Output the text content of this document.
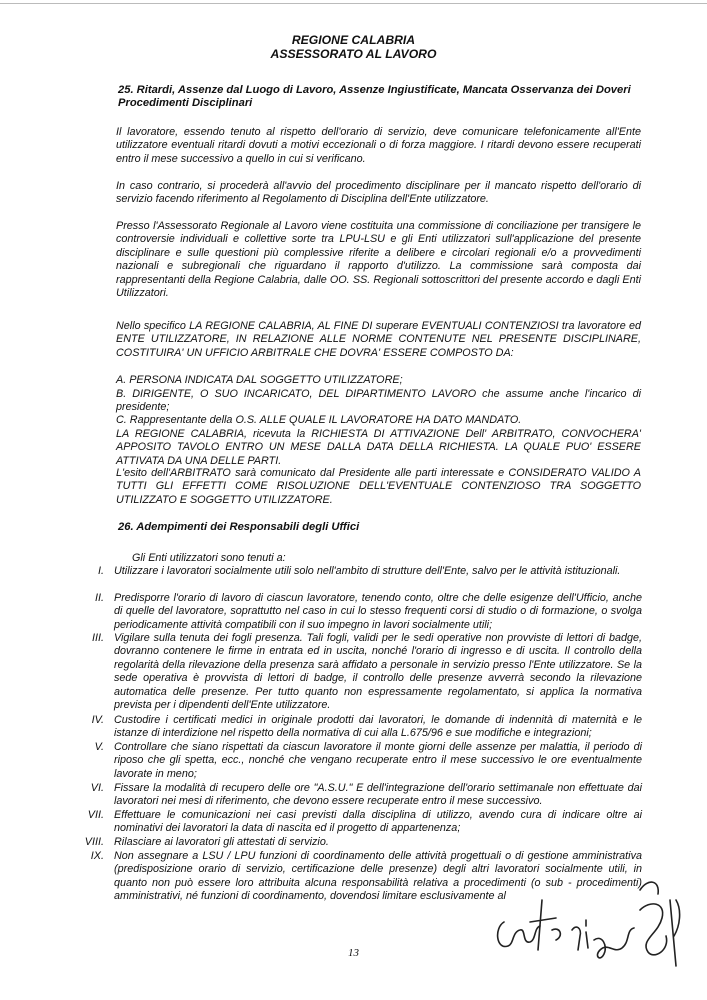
REGIONE CALABRIA
ASSESSORATO AL LAVORO
25. Ritardi, Assenze dal Luogo di Lavoro, Assenze Ingiustificate, Mancata Osservanza dei Doveri Procedimenti Disciplinari

Il lavoratore, essendo tenuto al rispetto dell'orario di servizio, deve comunicare telefonicamente all'Ente utilizzatore eventuali ritardi dovuti a motivi eccezionali o di forza maggiore. I ritardi devono essere recuperati entro il mese successivo a quello in cui si verificano.

In caso contrario, si procederà all'avvio del procedimento disciplinare per il mancato rispetto dell'orario di servizio facendo riferimento al Regolamento di Disciplina dell'Ente utilizzatore.

Presso l'Assessorato Regionale al Lavoro viene costituita una commissione di conciliazione per transigere le controversie individuali e collettive sorte tra LPU-LSU e gli Enti utilizzatori sull'applicazione del presente disciplinare e sulle questioni più complessive riferite a delibere e circolari regionali e/o a provvedimenti nazionali e subregionali che riguardano il rapporto d'utilizzo. La commissione sarà composta dai rappresentanti della Regione Calabria, dalle OO. SS. Regionali sottoscrittori del presente accordo e dagli Enti Utilizzatori.

Nello specifico LA REGIONE CALABRIA, AL FINE DI superare EVENTUALI CONTENZIOSI tra lavoratore ed ENTE UTILIZZATORE, IN RELAZIONE ALLE NORME CONTENUTE NEL PRESENTE DISCIPLINARE, COSTITUIRA' UN UFFICIO ARBITRALE CHE DOVRA' ESSERE COMPOSTO DA:

A. PERSONA INDICATA DAL SOGGETTO UTILIZZATORE;

B. DIRIGENTE, O SUO INCARICATO, DEL DIPARTIMENTO LAVORO che assume anche l'incarico di presidente;

C. Rappresentante della O.S. ALLE QUALE IL LAVORATORE HA DATO MANDATO.

LA REGIONE CALABRIA, ricevuta la RICHIESTA DI ATTIVAZIONE Dell' ARBITRATO, CONVOCHERA' APPOSITO TAVOLO ENTRO UN MESE DALLA DATA DELLA RICHIESTA. LA QUALE PUO' ESSERE ATTIVATA DA UNA DELLE PARTI.

L'esito dell'ARBITRATO sarà comunicato dal Presidente alle parti interessate e CONSIDERATO VALIDO A TUTTI GLI EFFETTI COME RISOLUZIONE DELL'EVENTUALE CONTENZIOSO TRA SOGGETTO UTILIZZATO E SOGGETTO UTILIZZATORE.

26. Adempimenti dei Responsabili degli Uffici
Gli Enti utilizzatori sono tenuti a:
I. Utilizzare i lavoratori socialmente utili solo nell'ambito di strutture dell'Ente, salvo per le attività istituzionali.
II. Predisporre l'orario di lavoro di ciascun lavoratore, tenendo conto, oltre che delle esigenze dell'Ufficio, anche di quelle del lavoratore, soprattutto nel caso in cui lo stesso frequenti corsi di studio o di formazione, o svolga periodicamente attività compatibili con il suo impegno in lavori socialmente utili;
III. Vigilare sulla tenuta dei fogli presenza. Tali fogli, validi per le sedi operative non provviste di lettori di badge, dovranno contenere le firme in entrata ed in uscita, nonché l'orario di ingresso e di uscita. Il controllo della regolarità della rilevazione della presenza sarà affidato a personale in servizio presso l'Ente utilizzatore. Se la sede operativa è provvista di lettori di badge, il controllo delle presenze avverrà secondo la rilevazione automatica delle presenze. Per tutto quanto non espressamente regolamentato, si applica la normativa prevista per i dipendenti dell'Ente utilizzatore.
IV. Custodire i certificati medici in originale prodotti dai lavoratori, le domande di indennità di maternità e le istanze di interdizione nel rispetto della normativa di cui alla L.675/96 e sue modifiche e integrazioni;
V. Controllare che siano rispettati da ciascun lavoratore il monte giorni delle assenze per malattia, il periodo di riposo che gli spetta, ecc., nonché che vengano recuperate entro il mese successivo le ore eventualmente lavorate in meno;
VI. Fissare la modalità di recupero delle ore "A.S.U." E dell'integrazione dell'orario settimanale non effettuate dai lavoratori nei mesi di riferimento, che devono essere recuperate entro il mese successivo.
VII. Effettuare le comunicazioni nei casi previsti dalla disciplina di utilizzo, avendo cura di indicare oltre ai nominativi dei lavoratori la data di nascita ed il progetto di appartenenza;
VIII. Rilasciare ai lavoratori gli attestati di servizio.
IX. Non assegnare a LSU / LPU funzioni di coordinamento delle attività progettuali o di gestione amministrativa (predisposizione orario di servizio, certificazione delle presenze) degli altri lavoratori socialmente utili, in quanto non può essere loro attribuita alcuna responsabilità relativa a procedimenti (o sub - procedimenti) amministrativi, né funzioni di coordinamento, dovendosi limitare esclusivamente al
13
